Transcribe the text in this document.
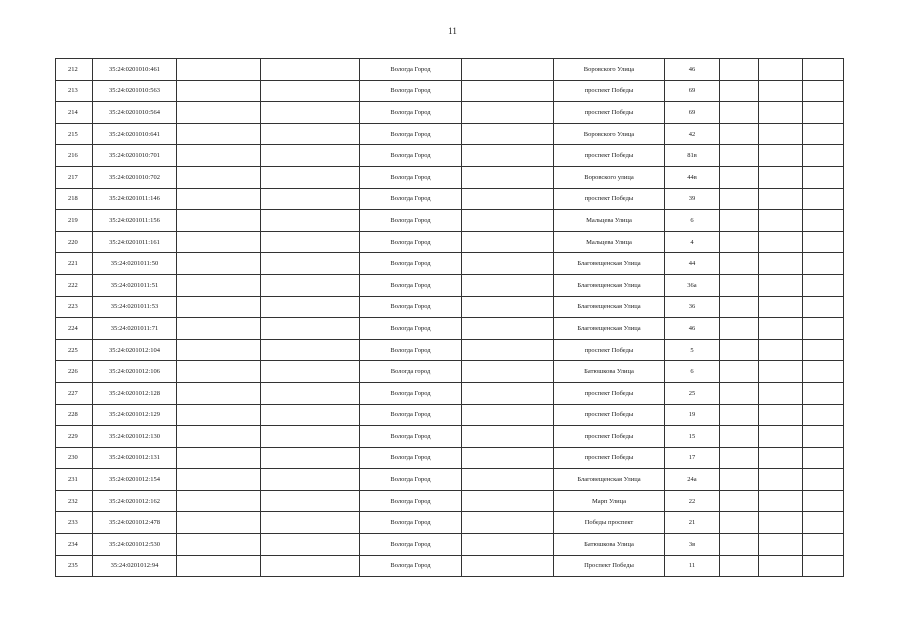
11
212	35:24:0201010:461			Вологда Город		Воровского Улица	46			
213	35:24:0201010:563			Вологда Город		проспект Победы	69			
214	35:24:0201010:564			Вологда Город		проспект Победы	69			
215	35:24:0201010:641			Вологда Город		Воровского Улица	42			
216	35:24:0201010:701			Вологда Город		проспект Победы	81в			
217	35:24:0201010:702			Вологда Город		Воровского улица	44в			
218	35:24:0201011:146			Вологда Город		проспект Победы	39			
219	35:24:0201011:156			Вологда Город		Мальцева Улица	6			
220	35:24:0201011:161			Вологда Город		Мальцева Улица	4			
221	35:24:0201011:50			Вологда Город		Благовещенская Улица	44			
222	35:24:0201011:51			Вологда Город		Благовещенская Улица	36а			
223	35:24:0201011:53			Вологда Город		Благовещенская Улица	36			
224	35:24:0201011:71			Вологда Город		Благовещенская Улица	46			
225	35:24:0201012:104			Вологда Город		проспект Победы	5			
226	35:24:0201012:106			Вологда город		Батюшкова Улица	6			
227	35:24:0201012:128			Вологда Город		проспект Победы	25			
228	35:24:0201012:129			Вологда Город		проспект Победы	19			
229	35:24:0201012:130			Вологда Город		проспект Победы	15			
230	35:24:0201012:131			Вологда Город		проспект Победы	17			
231	35:24:0201012:154			Вологда Город		Благовещенская Улица	24а			
232	35:24:0201012:162			Вологда Город		Марп Улица	22			
233	35:24:0201012:478			Вологда Город		Победы проспект	21			
234	35:24:0201012:530			Вологда Город		Батюшкова Улица	3в			
235	35:24:0201012:94			Вологда Город		Проспект Победы	11			
